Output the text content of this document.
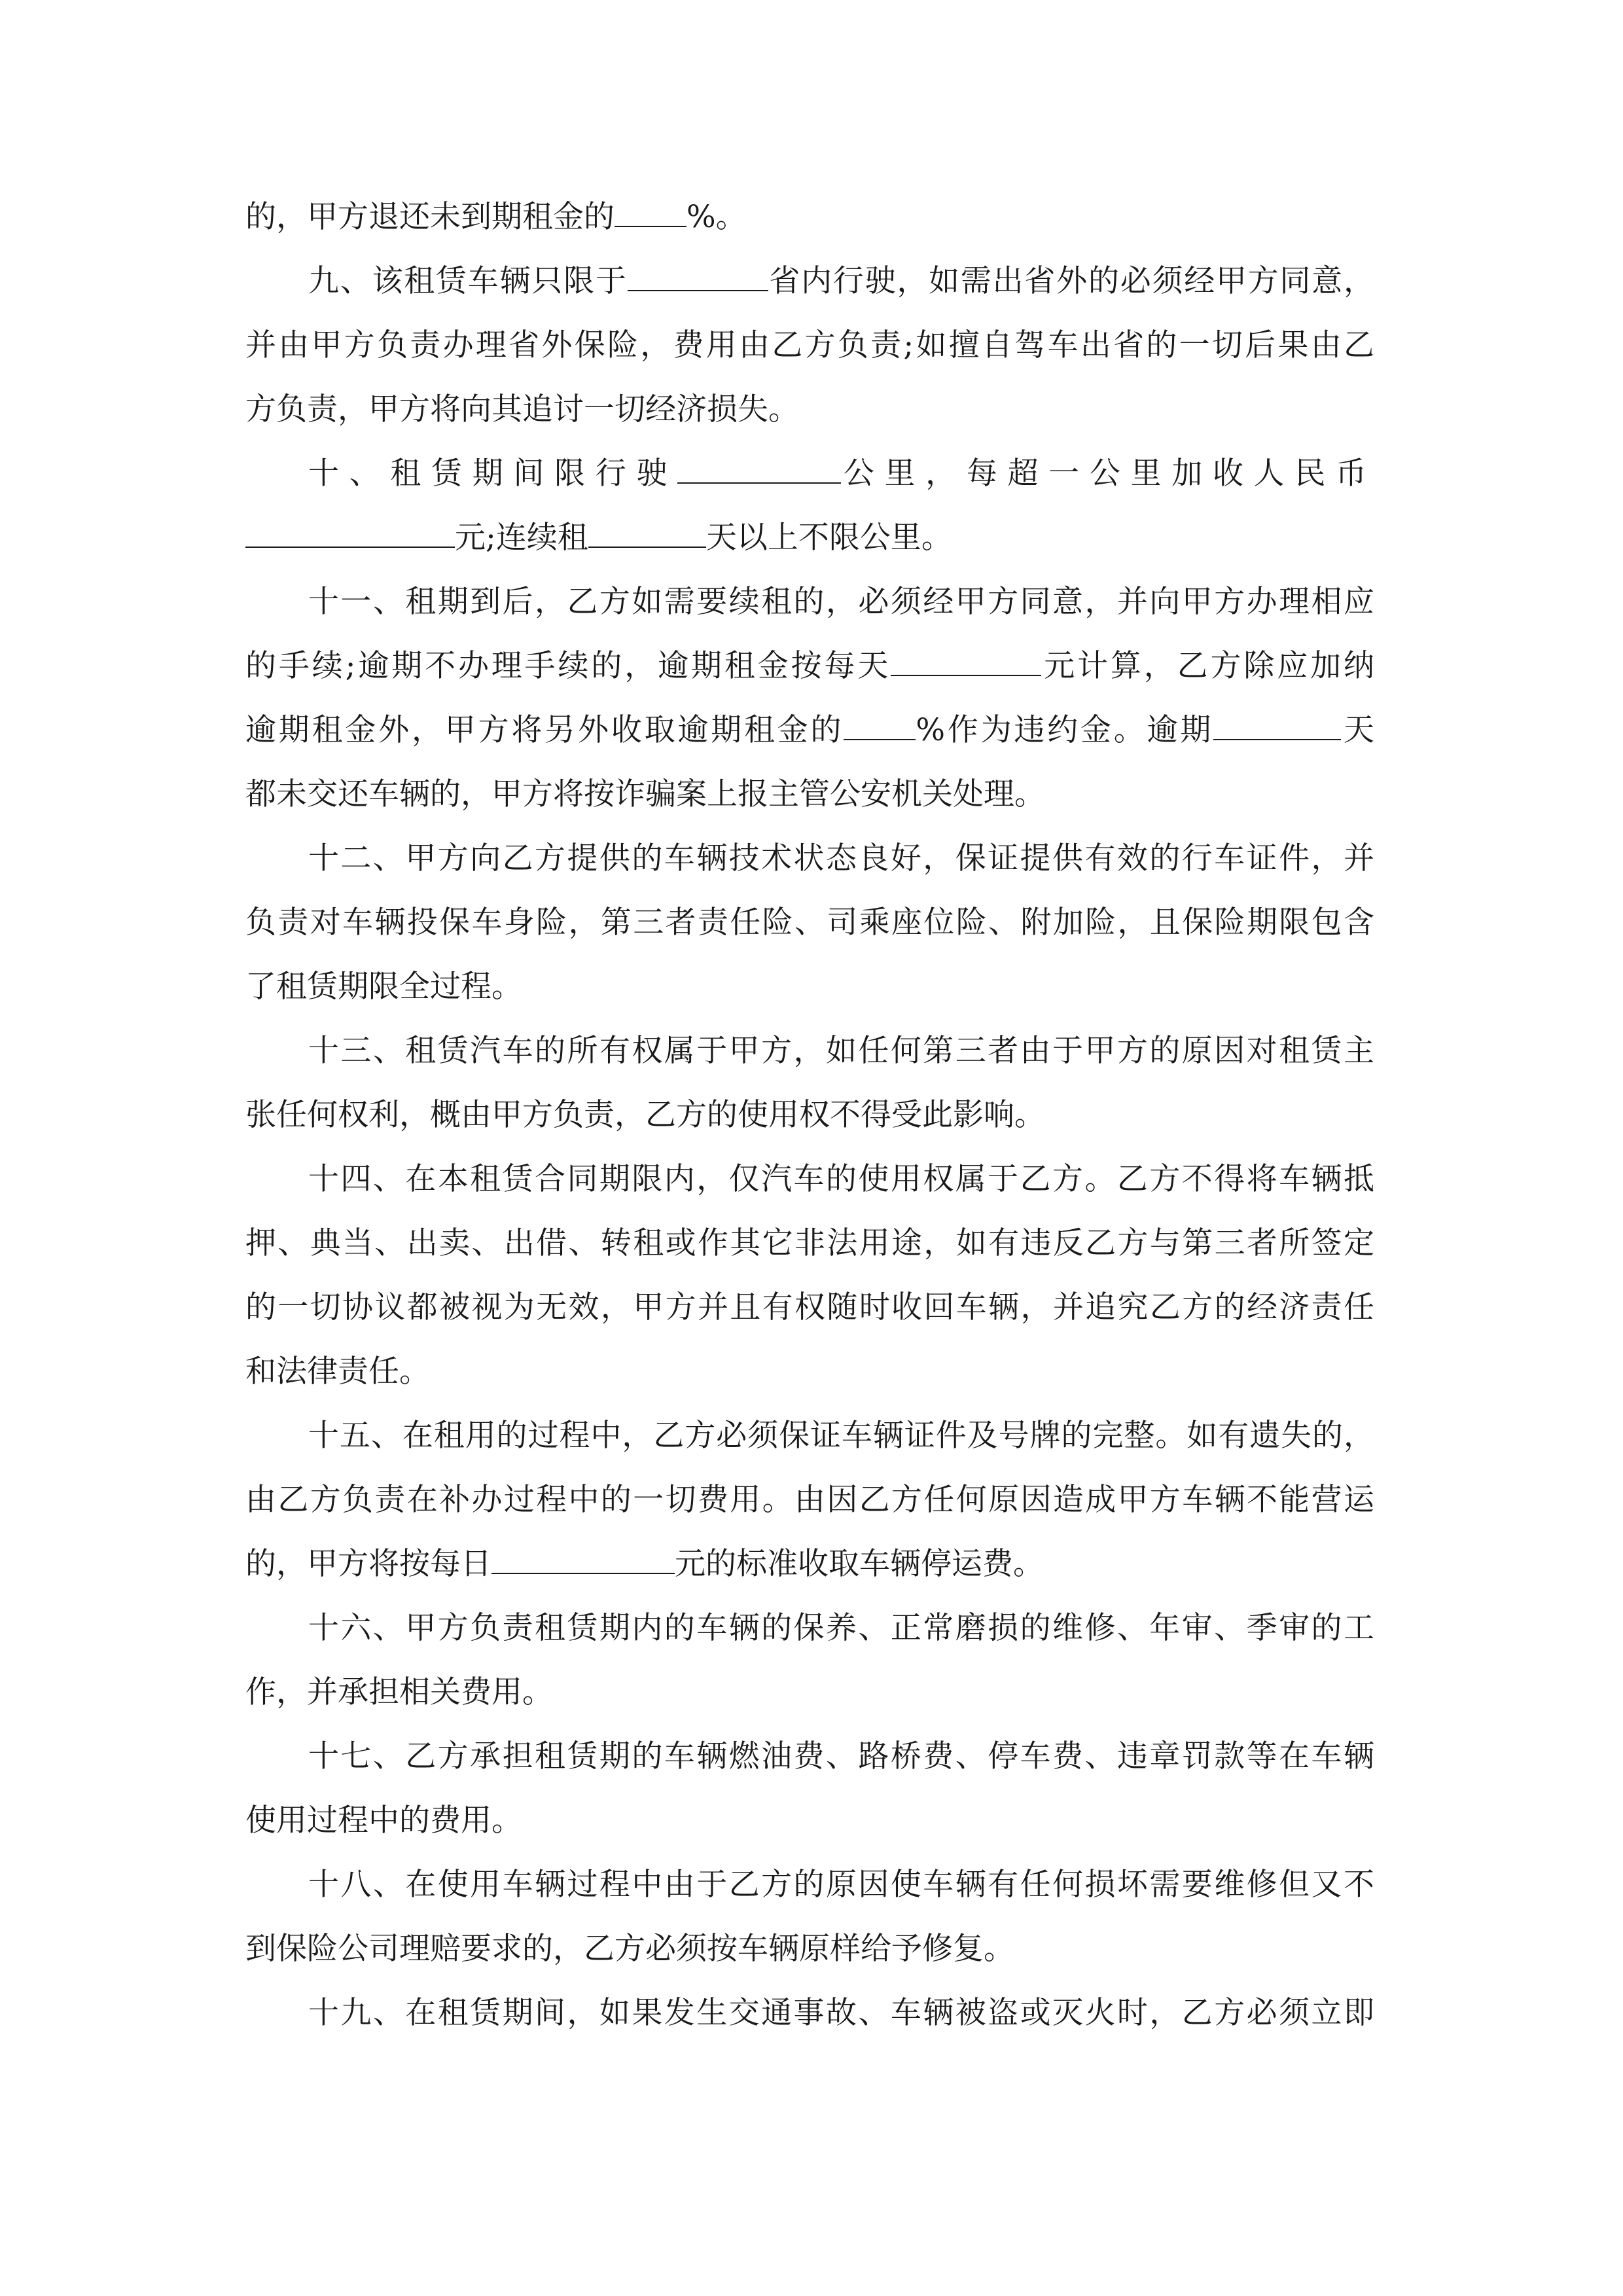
的，甲方退还未到期租金的 %。
九、该租赁车辆只限于	省内行驶，如需出省外的必须经甲方同意，
并由甲方负责办理省外保险，费用由乙方负责;如擅自驾车出省的一切后果由乙
方负责，甲方将向其追讨一切经济损失。
十、租赁期间限行驶	公里，每超一公里加收人民币
元;连续租	天以上不限公里。
十一、租期到后，乙方如需要续租的，必须经甲方同意，并向甲方办理相应
的手续;逾期不办理手续的，逾期租金按每天	元计算，乙方除应加纳
逾期租金外，甲方将另外收取逾期租金的 %作为违约金。逾期	天
都未交还车辆的，甲方将按诈骗案上报主管公安机关处理。
十二、甲方向乙方提供的车辆技术状态良好，保证提供有效的行车证件，并
负责对车辆投保车身险，第三者责任险、司乘座位险、附加险，且保险期限包含
了租赁期限全过程。
十三、租赁汽车的所有权属于甲方，如任何第三者由于甲方的原因对租赁主
张任何权利，概由甲方负责，乙方的使用权不得受此影响。
十四、在本租赁合同期限内，仅汽车的使用权属于乙方。乙方不得将车辆抵
押、典当、出卖、出借、转租或作其它非法用途，如有违反乙方与第三者所签定
的一切协议都被视为无效，甲方并且有权随时收回车辆，并追究乙方的经济责任
和法律责任。
十五、在租用的过程中，乙方必须保证车辆证件及号牌的完整。如有遗失的，
由乙方负责在补办过程中的一切费用。由因乙方任何原因造成甲方车辆不能营运
的，甲方将按每日	元的标准收取车辆停运费。
十六、甲方负责租赁期内的车辆的保养、正常磨损的维修、年审、季审的工
作，并承担相关费用。
十七、乙方承担租赁期的车辆燃油费、路桥费、停车费、违章罚款等在车辆
使用过程中的费用。
十八、在使用车辆过程中由于乙方的原因使车辆有任何损坏需要维修但又不
到保险公司理赔要求的，乙方必须按车辆原样给予修复。
十九、在租赁期间，如果发生交通事故、车辆被盗或灭火时，乙方必须立即
